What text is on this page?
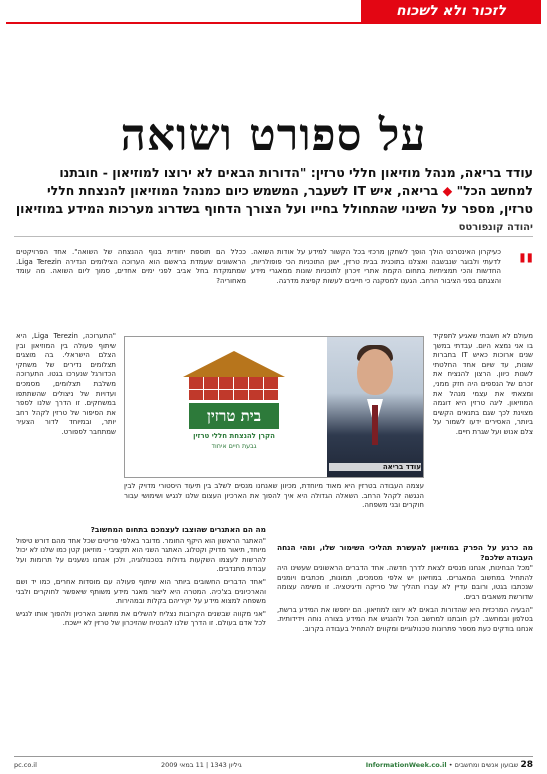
לזכור ולא לשכוח
על ספורט ושואה
עודד בריאה, מנהל מוזיאון חללי טרזין: "הדורות הבאים לא ירוצו למוזיאון - חובתנו למחשב הכל" ◆ בריאה, איש IT לשעבר, המשמש כיום כמנהל המוזיאון להנצחת חללי טרזין, מספר על השינוי שהתחולל בחייו ועל הצורך הדחוף בשדרוג מערכות המידע במוזיאון
יהודה קונפורטס
"

כעיקרון האינטרנט הולך הופך לשחקן מרכזי בכל הקשור למידע על אודות השואה. לדעתי ולבוגר שנבשבה ואצלנו בתוכנית בבית טרזין, ישנן התוכניות הכי פופולריות, החדשות והכי תמציתיות בתחום הקמת אתרי זיכרון לתוכניות שונות ממאגרי מידע והצגתם בפני הציבור הרחב. הגענו למסקנה כי חייבים לעשות קפיצת מדרגה.

ככלל הם תוספת יחודית בנוף ההנצחה של השואה". אחד הפרויקטים הראשונים שעמדת בראשם הוא הערוכה הצילומים הנדירה Liga Terezin. שמתמקדת בחל אביב לפני ימים אחדים, סמוך ליום השואה. מה עומד מאחוריה?

מעולם לא חשבתי שאגיע לתפקיד בו אני נמצא היום. עבדתי במשך שנים ארוכות כאיש IT בחברות שונות, עד שיום אחד החלטתי לשנות כיוון. הרצון להנציח את זכרם של הנספים היה חזק ממני, ומצאתי את עצמי מנהל את המוזיאון. ליגה טרזין היא דוגמה מצוינת לכך שגם בתנאים הקשים ביותר, האסירים ידעו לשמור על צלם אנוש ועל שגרת חיים.

"התערוכה, Liga Terezin, היא שיתוף פעולה בין המוזיאון ובין הצלם הישראלי. בה מוצגים תצלומים נדירים של משחקי הכדורגל שנערכו בגטו. התערוכה משלבת תצלומים, מסמכים ועדויות של ניצולים שהשתתפו במשחקים. זו הדרך שלנו לספר את הסיפור של טרזין לקהל רחב יותר, ובמיוחד לדור הצעיר שמתחבר לספורט.

עודד בריאה
בית טרזין
הקרן להנצחת חללי טרזין
גבעת חיים איחוד

עצמה העבודה בטרזין היא מאוד מיוחדת, מכיוון שאנחנו מנסים לשלב בין תיעוד היסטורי מדויק לבין הנגשה לקהל הרחב. השאלה הגדולה היא איך להפוך את הארכיון העצום שלנו לנגיש ושימושי עבור חוקרים ובני משפחה.

מה כרגע על הפרק במוזיאון להעשרת תהליכי השימור שלו, ומהי הנחה העבודה שלכם?

"מכל הבחינות, אנחנו מנסים לצאת לדרך חדשה. אחד הדברים הראשונים שעשינו היה להתחיל במחשוב המאגרים. במוזיאון יש אלפי מסמכים, תמונות, מכתבים ויומנים שנכתבו בגטו, ורובם עדיין לא עברו תהליך של סריקה ודיגיטציה. זו משימה עצומה שדורשת משאבים רבים.

"הבעיה המרכזית היא שהדורות הבאים לא ירוצו למוזיאון. הם יחפשו את המידע ברשת, בטלפון ובמחשב. לכן חובתנו למחשב הכל ולהנגיש את המידע בצורה נוחה וידידותית. אנחנו בודקים כעת מספר פתרונות טכנולוגיים ומקווים להתחיל בעבודה בקרוב.

מה הם האתגרים שהוצבו לעצמכם בתחום המחשוב?

"האתגר הראשון הוא היקף החומר. מדובר באלפי פריטים שכל אחד מהם דורש טיפול מיוחד, תיאור מדויק וקטלוג. האתגר השני הוא תקציבי - מוזיאון קטן כמו שלנו לא יכול להרשות לעצמו השקעות גדולות בטכנולוגיה, ולכן אנחנו נשענים על תרומות ועל עבודת מתנדבים.

"אחד הדברים החשובים ביותר הוא שיתוף פעולה עם מוסדות אחרים, כמו יד ושם והארכיונים בצ'כיה. המטרה היא ליצור מאגר מידע משותף שיאפשר לחוקרים ולבני משפחה למצוא מידע על יקיריהם בקלות ובמהירות.

"אני מקווה שבשנים הקרובות נצליח להשלים את מחשוב הארכיון ולהפוך אותו לנגיש לכל אדם בעולם. זו הדרך שלנו להבטיח שהזיכרון של טרזין לא יישכח.

28 שבועון אנשים ומחשבים • InformationWeek.co.il
גיליון 1343 | 11 במאי 2009
pc.co.il
